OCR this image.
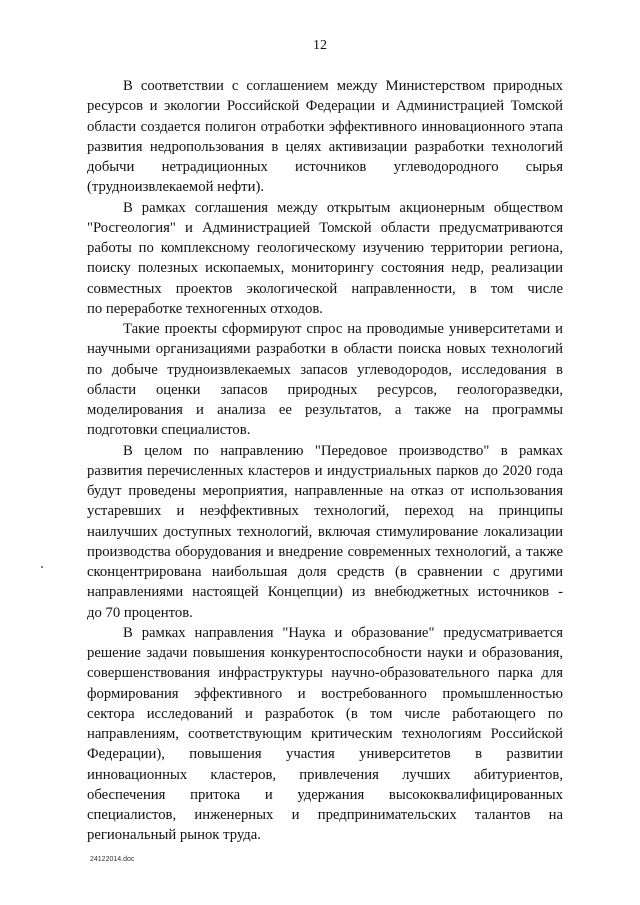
12
В соответствии с соглашением между Министерством природных
ресурсов и экологии Российской Федерации и Администрацией Томской
области создается полигон отработки эффективного инновационного этапа
развития недропользования в целях активизации разработки технологий
добычи нетрадиционных источников углеводородного сырья
(трудноизвлекаемой нефти).
В рамках соглашения между открытым акционерным обществом
"Росгеология" и Администрацией Томской области предусматриваются
работы по комплексному геологическому изучению территории региона,
поиску полезных ископаемых, мониторингу состояния недр, реализации
совместных проектов экологической направленности, в том числе
по переработке техногенных отходов.
Такие проекты сформируют спрос на проводимые университетами и
научными организациями разработки в области поиска новых технологий
по добыче трудноизвлекаемых запасов углеводородов, исследования в
области оценки запасов природных ресурсов, геологоразведки,
моделирования и анализа ее результатов, а также на программы
подготовки специалистов.
В целом по направлению "Передовое производство" в рамках
развития перечисленных кластеров и индустриальных парков до 2020 года
будут проведены мероприятия, направленные на отказ от использования
устаревших и неэффективных технологий, переход на принципы
наилучших доступных технологий, включая стимулирование локализации
производства оборудования и внедрение современных технологий, а также
сконцентрирована наибольшая доля средств (в сравнении с другими
направлениями настоящей Концепции) из внебюджетных источников -
до 70 процентов.
В рамках направления "Наука и образование" предусматривается
решение задачи повышения конкурентоспособности науки и образования,
совершенствования инфраструктуры научно-образовательного парка для
формирования эффективного и востребованного промышленностью
сектора исследований и разработок (в том числе работающего по
направлениям, соответствующим критическим технологиям Российской
Федерации), повышения участия университетов в развитии
инновационных кластеров, привлечения лучших абитуриентов,
обеспечения притока и удержания высококвалифицированных
специалистов, инженерных и предпринимательских талантов на
региональный рынок труда.
24122014.doc
